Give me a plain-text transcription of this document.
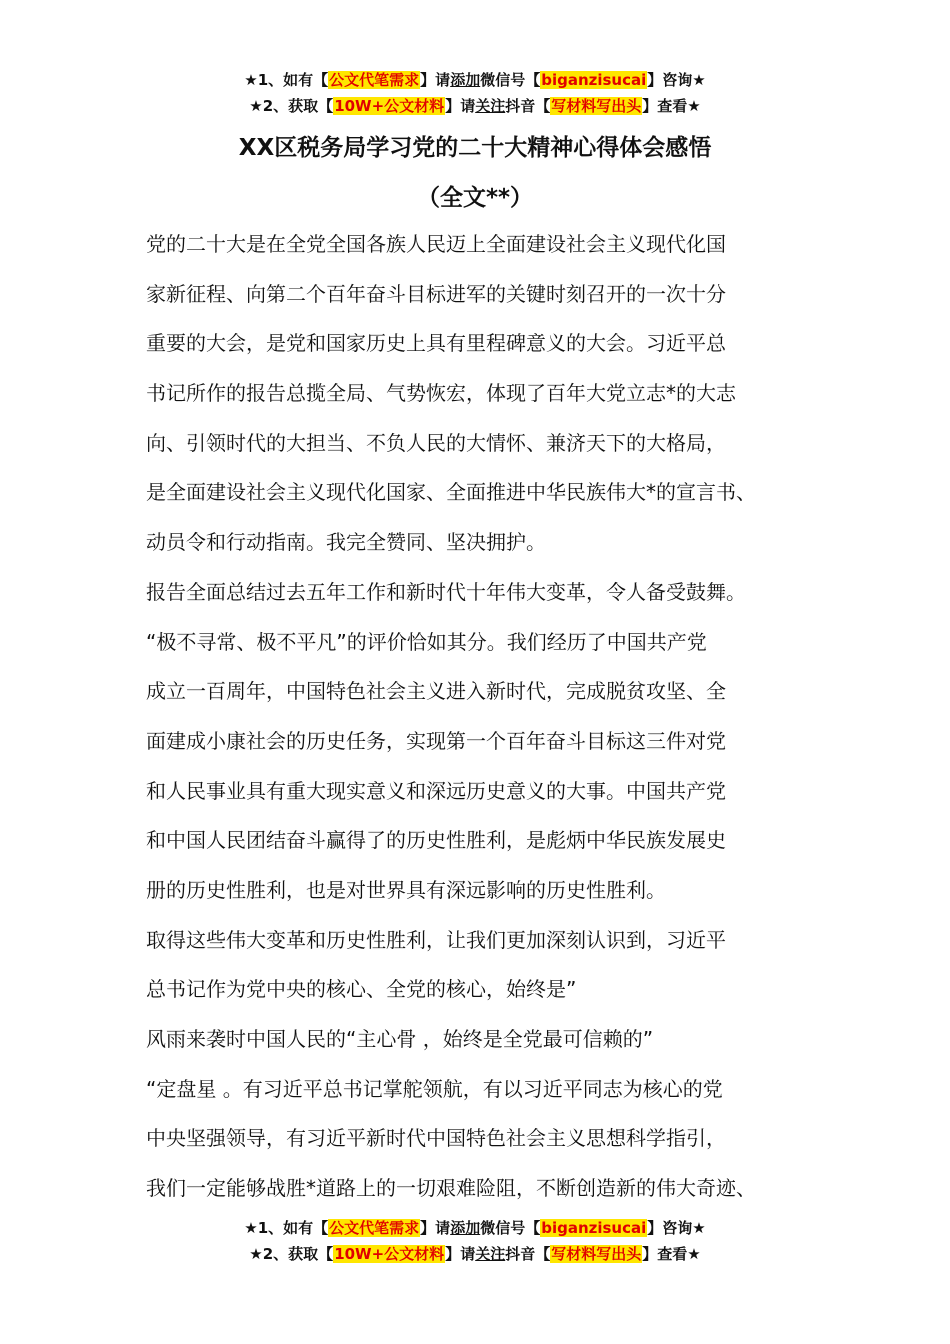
★1、如有【公文代笔需求】请添加微信号【biganzisucai】咨询★
★2、获取【10W+公文材料】请关注抖音【写材料写出头】查看★
XX区税务局学习党的二十大精神心得体会感悟
（全文**）
党的二十大是在全党全国各族人民迈上全面建设社会主义现代化国
家新征程、向第二个百年奋斗目标进军的关键时刻召开的一次十分
重要的大会，是党和国家历史上具有里程碑意义的大会。习近平总
书记所作的报告总揽全局、气势恢宏，体现了百年大党立志*的大志
向、引领时代的大担当、不负人民的大情怀、兼济天下的大格局，
是全面建设社会主义现代化国家、全面推进中华民族伟大*的宣言书、
动员令和行动指南。我完全赞同、坚决拥护。
报告全面总结过去五年工作和新时代十年伟大变革，令人备受鼓舞。
“极不寻常、极不平凡”的评价恰如其分。我们经历了中国共产党
成立一百周年，中国特色社会主义进入新时代，完成脱贫攻坚、全
面建成小康社会的历史任务，实现第一个百年奋斗目标这三件对党
和人民事业具有重大现实意义和深远历史意义的大事。中国共产党
和中国人民团结奋斗赢得了的历史性胜利，是彪炳中华民族发展史
册的历史性胜利，也是对世界具有深远影响的历史性胜利。
取得这些伟大变革和历史性胜利，让我们更加深刻认识到，习近平
总书记作为党中央的核心、全党的核心，始终是”
风雨来袭时中国人民的“主心骨 ，始终是全党最可信赖的”
“定盘星 。有习近平总书记掌舵领航，有以习近平同志为核心的党
中央坚强领导，有习近平新时代中国特色社会主义思想科学指引，
我们一定能够战胜*道路上的一切艰难险阻，不断创造新的伟大奇迹、
★1、如有【公文代笔需求】请添加微信号【biganzisucai】咨询★
★2、获取【10W+公文材料】请关注抖音【写材料写出头】查看★
